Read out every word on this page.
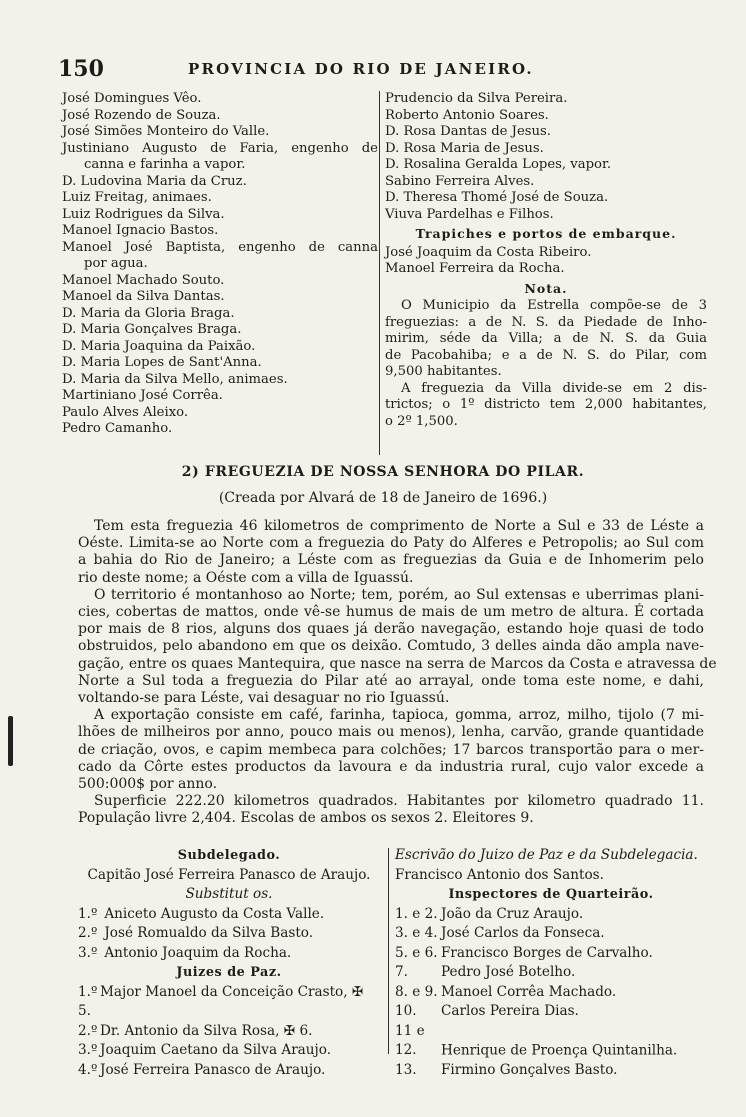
150	PROVINCIA DO RIO DE JANEIRO.
José Domingues Vêo.
José Rozendo de Souza.
José Simões Monteiro do Valle.
Justiniano Augusto de Faria, engenho de
canna e farinha a vapor.
D. Ludovina Maria da Cruz.
Luiz Freitag, animaes.
Luiz Rodrigues da Silva.
Manoel Ignacio Bastos.
Manoel José Baptista, engenho de canna
por agua.
Manoel Machado Souto.
Manoel da Silva Dantas.
D. Maria da Gloria Braga.
D. Maria Gonçalves Braga.
D. Maria Joaquina da Paixão.
D. Maria Lopes de Sant'Anna.
D. Maria da Silva Mello, animaes.
Martiniano José Corrêa.
Paulo Alves Aleixo.
Pedro Camanho.
Prudencio da Silva Pereira.
Roberto Antonio Soares.
D. Rosa Dantas de Jesus.
D. Rosa Maria de Jesus.
D. Rosalina Geralda Lopes, vapor.
Sabino Ferreira Alves.
D. Theresa Thomé José de Souza.
Viuva Pardelhas e Filhos.
Trapiches e portos de embarque.
José Joaquim da Costa Ribeiro.
Manoel Ferreira da Rocha.
Nota.
O Municipio da Estrella compõe-se de 3
freguezias: a de N. S. da Piedade de Inho-
mirim, séde da Villa; a de N. S. da Guia
de Pacobahiba; e a de N. S. do Pilar, com
9,500 habitantes.
A freguezia da Villa divide-se em 2 dis-
trictos; o 1º districto tem 2,000 habitantes,
o 2º 1,500.
2) FREGUEZIA DE NOSSA SENHORA DO PILAR.
(Creada por Alvará de 18 de Janeiro de 1696.)
Tem esta freguezia 46 kilometros de comprimento de Norte a Sul e 33 de Léste a
Oéste. Limita-se ao Norte com a freguezia do Paty do Alferes e Petropolis; ao Sul com
a bahia do Rio de Janeiro; a Léste com as freguezias da Guia e de Inhomerim pelo
rio deste nome; a Oéste com a villa de Iguassú.
O territorio é montanhoso ao Norte; tem, porém, ao Sul extensas e uberrimas plani-
cies, cobertas de mattos, onde vê-se humus de mais de um metro de altura. É cortada
por mais de 8 rios, alguns dos quaes já derão navegação, estando hoje quasi de todo
obstruidos, pelo abandono em que os deixão. Comtudo, 3 delles ainda dão ampla nave-
gação, entre os quaes Mantequira, que nasce na serra de Marcos da Costa e atravessa de
Norte a Sul toda a freguezia do Pilar até ao arrayal, onde toma este nome, e dahi,
voltando-se para Léste, vai desaguar no rio Iguassú.
A exportação consiste em café, farinha, tapioca, gomma, arroz, milho, tijolo (7 mi-
lhões de milheiros por anno, pouco mais ou menos), lenha, carvão, grande quantidade
de criação, ovos, e capim membeca para colchões; 17 barcos transportão para o mer-
cado da Côrte estes productos da lavoura e da industria rural, cujo valor excede a
500:000$ por anno.
Superficie 222.20 kilometros quadrados. Habitantes por kilometro quadrado 11.
População livre 2,404. Escolas de ambos os sexos 2. Eleitores 9.
Subdelegado.
Capitão José Ferreira Panasco de Araujo.
Substitut os.
1.º Aniceto Augusto da Costa Valle.
2.º José Romualdo da Silva Basto.
3.º Antonio Joaquim da Rocha.
Juizes de Paz.
1.º Major Manoel da Conceição Crasto, ✠ 5.
2.º Dr. Antonio da Silva Rosa, ✠ 6.
3.º Joaquim Caetano da Silva Araujo.
4.º José Ferreira Panasco de Araujo.
Escrivão do Juizo de Paz e da Subdelegacia.
Francisco Antonio dos Santos.
Inspectores de Quarteirão.
1. e 2. João da Cruz Araujo.
3. e 4. José Carlos da Fonseca.
5. e 6. Francisco Borges de Carvalho.
7. Pedro José Botelho.
8. e 9. Manoel Corrêa Machado.
10. Carlos Pereira Dias.
11 e 12. Henrique de Proença Quintanilha.
13. Firmino Gonçalves Basto.
